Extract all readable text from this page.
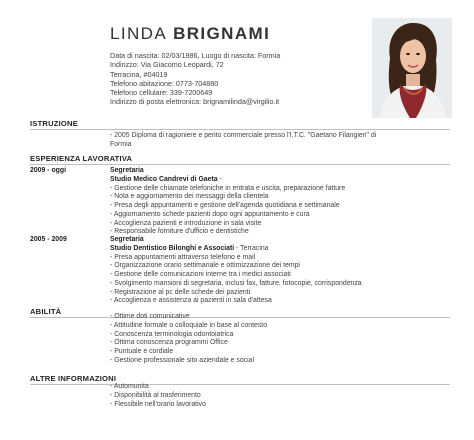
LINDA BRIGNAMI
Data di nascita: 02/03/1986, Luogo di nascita: Formia
Indirizzo: Via Giacomo Leopardi, 72
Terracina, #04019
Telefono abitazione: 0773-704880
Telefono cellulare: 339-7200649
Indirizzo di posta elettronica: brignamilinda@virgilio.it
ISTRUZIONE
- 2005 Diploma di ragioniere e perito commerciale presso l'I.T.C. "Gaetano Filangieri" di
Formia
ESPERIENZA LAVORATIVA
2009 - oggi	Segretaria
Studio Medico Candrevi di Gaeta -
- Gestione delle chiamate telefoniche in entrata e uscita, preparazione fatture
- Nota e aggiornamento dei messaggi della clientela
- Presa degli appuntamenti e gestione dell'agenda quotidiana e settimanale
- Aggiornamento schede pazienti dopo ogni appuntamento e cura
- Accoglienza pazienti e introduzione in sala visite
- Responsabile forniture d'ufficio e dentistiche
2005 - 2009	Segretaria
Studio Dentistico Bilonghi e Associati - Terracina
- Presa appuntamenti attraverso telefono e mail
- Organizzazione orario settimanale e ottimizzazione dei tempi
- Gestione delle comunicazioni interne tra i medici associati
- Svolgimento mansioni di segretaria, inclusi fax, fatture, fotocopie, corrispondenza
- Registrazione al pc delle schede dei pazienti
- Accoglienza e assistenza ai pazienti in sala d'attesa
ABILITÀ
- Ottime doti comunicative
- Attitudine formale o colloquiale in base al contesto
- Conoscenza terminologia odontoiatrica
- Ottima conoscenza programmi Office
- Puntuale e cordiale
- Gestione professionale sito aziendale e social
ALTRE INFORMAZIONI
- Automunita
- Disponibilità al trasferimento
- Flessibile nell'orario lavorativo
